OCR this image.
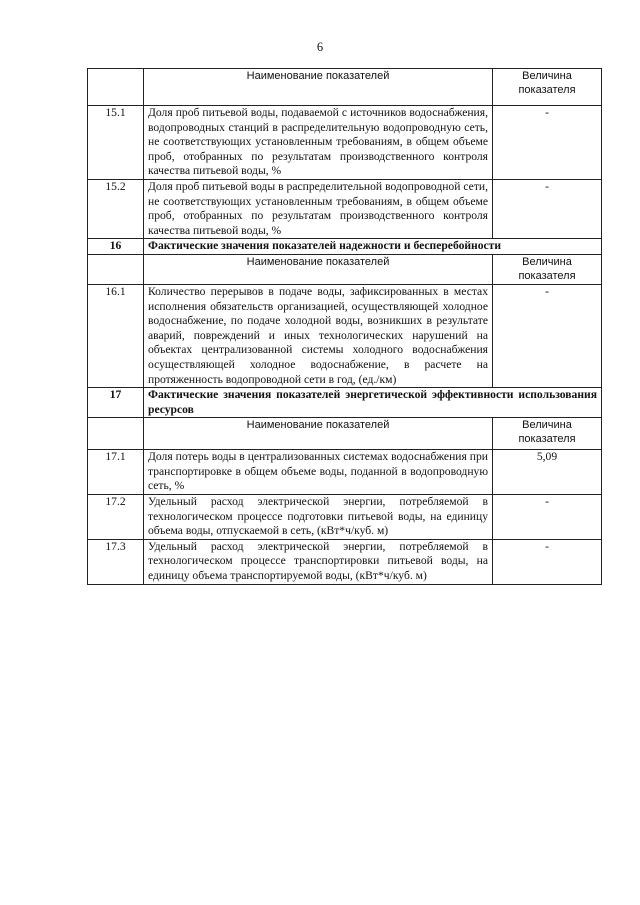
6
	Наименование показателей	Величина показателя
15.1	Доля проб питьевой воды, подаваемой с источников водоснабжения, водопроводных станций в распределительную водопроводную сеть, не соответствующих установленным требованиям, в общем объеме проб, отобранных по результатам производственного контроля качества питьевой воды, %	-
15.2	Доля проб питьевой воды в распределительной водопроводной сети, не соответствующих установленным требованиям, в общем объеме проб, отобранных по результатам производственного контроля качества питьевой воды, %	-
16	Фактические значения показателей надежности и бесперебойности	
	Наименование показателей	Величина показателя
16.1	Количество перерывов в подаче воды, зафиксированных в местах исполнения обязательств организацией, осуществляющей холодное водоснабжение, по подаче холодной воды, возникших в результате аварий, повреждений и иных технологических нарушений на объектах централизованной системы холодного водоснабжения осуществляющей холодное водоснабжение, в расчете на протяженность водопроводной сети в год, (ед./км)	-
17	Фактические значения показателей энергетической эффективности использования ресурсов	
	Наименование показателей	Величина показателя
17.1	Доля потерь воды в централизованных системах водоснабжения при транспортировке в общем объеме воды, поданной в водопроводную сеть, %	5,09
17.2	Удельный расход электрической энергии, потребляемой в технологическом процессе подготовки питьевой воды, на единицу объема воды, отпускаемой в сеть, (кВт*ч/куб. м)	-
17.3	Удельный расход электрической энергии, потребляемой в технологическом процессе транспортировки питьевой воды, на единицу объема транспортируемой воды, (кВт*ч/куб. м)	-
